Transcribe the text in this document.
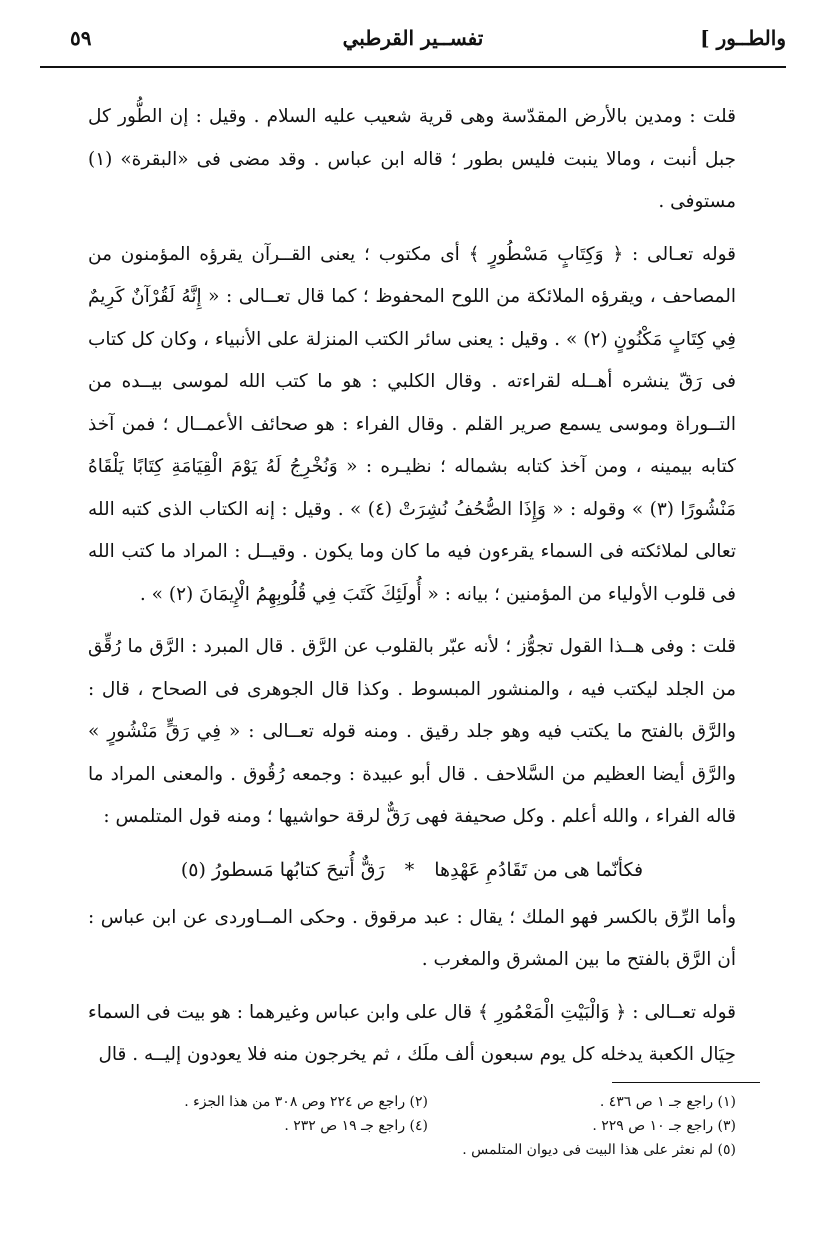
والطــور ]
تفســير القرطبي
٥٩

قلت : ومدين بالأرض المقدّسة وهى قرية شعيب عليه السلام . وقيل : إن الطُّور كل جبل أنبت ، ومالا ينبت فليس بطور ؛ قاله ابن عباس . وقد مضى فى «البقرة» (١) مستوفى .

قوله تعـالى : ﴿ وَكِتَابٍ مَسْطُورٍ ﴾ أى مكتوب ؛ يعنى القــرآن يقرؤه المؤمنون من المصاحف ، ويقرؤه الملائكة من اللوح المحفوظ ؛ كما قال تعــالى : « إِنَّهُ لَقُرْآنٌ كَرِيمٌ فِي كِتَابٍ مَكْنُونٍ (٢) » . وقيل : يعنى سائر الكتب المنزلة على الأنبياء ، وكان كل كتاب فى رَقّ ينشره أهــله لقراءته . وقال الكلبي : هو ما كتب الله لموسى بيــده من التــوراة وموسى يسمع صرير القلم . وقال الفراء : هو صحائف الأعمــال ؛ فمن آخذ كتابه بيمينه ، ومن آخذ كتابه بشماله ؛ نظيـره : « وَنُخْرِجُ لَهُ يَوْمَ الْقِيَامَةِ كِتَابًا يَلْقَاهُ مَنْشُورًا (٣) » وقوله : « وَإِذَا الصُّحُفُ نُشِرَتْ (٤) » . وقيل : إنه الكتاب الذى كتبه الله تعالى لملائكته فى السماء يقرءون فيه ما كان وما يكون . وقيــل : المراد ما كتب الله فى قلوب الأولياء من المؤمنين ؛ بيانه : « أُولَئِكَ كَتَبَ فِي قُلُوبِهِمُ الْإِيمَانَ (٢) » .

قلت : وفى هــذا القول تجوُّز ؛ لأنه عبّر بالقلوب عن الرَّق . قال المبرد : الرَّق ما رُقِّق من الجلد ليكتب فيه ، والمنشور المبسوط . وكذا قال الجوهرى فى الصحاح ، قال : والرَّق بالفتح ما يكتب فيه وهو جلد رقيق . ومنه قوله تعــالى : « فِي رَقٍّ مَنْشُورٍ » والرَّق أيضا العظيم من السَّلاحف . قال أبو عبيدة : وجمعه رُقُوق . والمعنى المراد ما قاله الفراء ، والله أعلم . وكل صحيفة فهى رَقٌّ لرقة حواشيها ؛ ومنه قول المتلمس :

فكأنّما هى من تَقَادُمِ عَهْدِها * رَقٌّ أُتيحَ كتابُها مَسطورُ (٥)

وأما الرِّق بالكسر فهو الملك ؛ يقال : عبد مرقوق . وحكى المــاوردى عن ابن عباس : أن الرَّق بالفتح ما بين المشرق والمغرب .

قوله تعــالى : ﴿ وَالْبَيْتِ الْمَعْمُورِ ﴾ قال على وابن عباس وغيرهما : هو بيت فى السماء حِيَال الكعبة يدخله كل يوم سبعون ألف ملَك ، ثم يخرجون منه فلا يعودون إليــه . قال

(١) راجع جـ ١ ص ٤٣٦ .
(٢) راجع ص ٢٢٤ وص ٣٠٨ من هذا الجزء .
(٣) راجع جـ ١٠ ص ٢٢٩ .
(٤) راجع جـ ١٩ ص ٢٣٢ .
(٥) لم نعثر على هذا البيت فى ديوان المتلمس .
